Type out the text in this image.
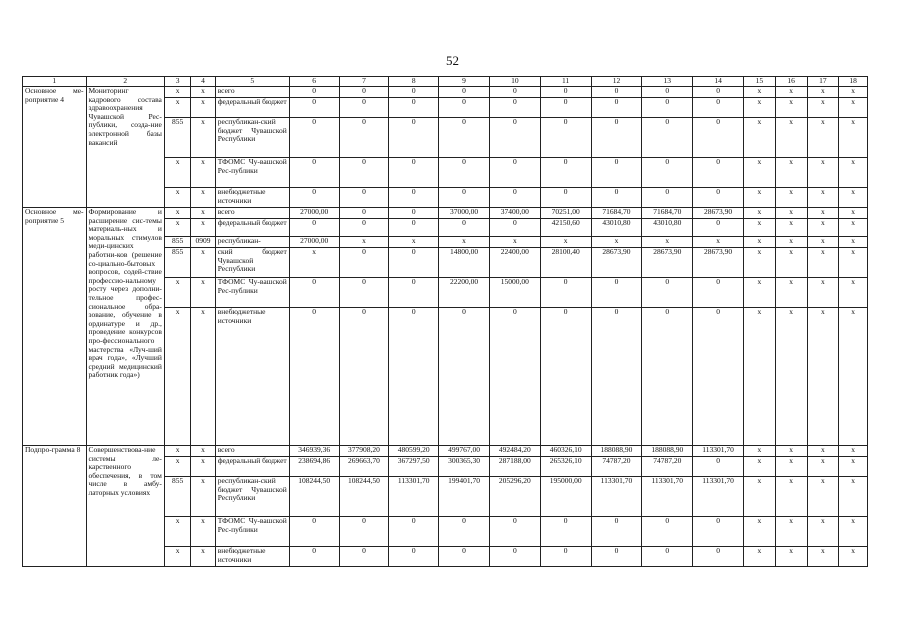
52
1	2	3	4	5	6	7	8	9	10	11	12	13	14	15	16	17	18
Основное ме-роприятие 4	Мониторинг кадрового состава здравоохранения Чувашской Рес-публики, созда-ние электронной базы вакансий	х	х	всего	0	0	0	0	0	0	0	0	0	х	х	х	х
		х	х	федеральный бюджет	0	0	0	0	0	0	0	0	0	х	х	х	х
		855	х	республикан-ский бюджет Чувашской Республики	0	0	0	0	0	0	0	0	0	х	х	х	х
		х	х	ТФОМС Чу-вашской Рес-публики	0	0	0	0	0	0	0	0	0	х	х	х	х
		х	х	внебюджетные источники	0	0	0	0	0	0	0	0	0	х	х	х	х
Основное ме-роприятие 5	Формирование и расширение сис-темы материаль-ных и моральных стимулов меди-цинских работни-ков (решение со-циально-бытовых вопросов, содей-ствие профессио-нальному росту через дополни-тельное профес-сиональное обра-зование, обучение в ординатуре и др., проведение конкурсов про-фессионального мастерства «Луч-ший врач года», «Лучший средний медицинский работник года»)	х	х	всего	27000,00	0	0	37000,00	37400,00	70251,00	71684,70	71684,70	28673,90	х	х	х	х
		х	х	федеральный бюджет	0	0	0	0	0	42150,60	43010,80	43010,80	0	х	х	х	х
		855	0909	республикан-	27000,00	х	х	х	х	х	х	х	х	х	х	х	х
		855	х	ский бюджет Чувашской Республики	х	0	0	14800,00	22400,00	28100,40	28673,90	28673,90	28673,90	х	х	х	х
		х	х	ТФОМС Чу-вашской Рес-публики	0	0	0	22200,00	15000,00	0	0	0	0	х	х	х	х
		х	х	внебюджетные источники	0	0	0	0	0	0	0	0	0	х	х	х	х
Подпро-грамма 8	Совершенствова-ние системы ле-карственного обеспечения, в том числе в амбу-латорных условиях	х	х	всего	346939,36	377908,20	480599,20	499767,00	492484,20	460326,10	188088,90	188088,90	113301,70	х	х	х	х
		х	х	федеральный бюджет	238694,86	269663,70	367297,50	300365,30	287188,00	265326,10	74787,20	74787,20	0	х	х	х	х
		855	х	республикан-ский бюджет Чувашской Республики	108244,50	108244,50	113301,70	199401,70	205296,20	195000,00	113301,70	113301,70	113301,70	х	х	х	х
		х	х	ТФОМС Чу-вашской Рес-публики	0	0	0	0	0	0	0	0	0	х	х	х	х
		х	х	внебюджетные источники	0	0	0	0	0	0	0	0	0	х	х	х	х
